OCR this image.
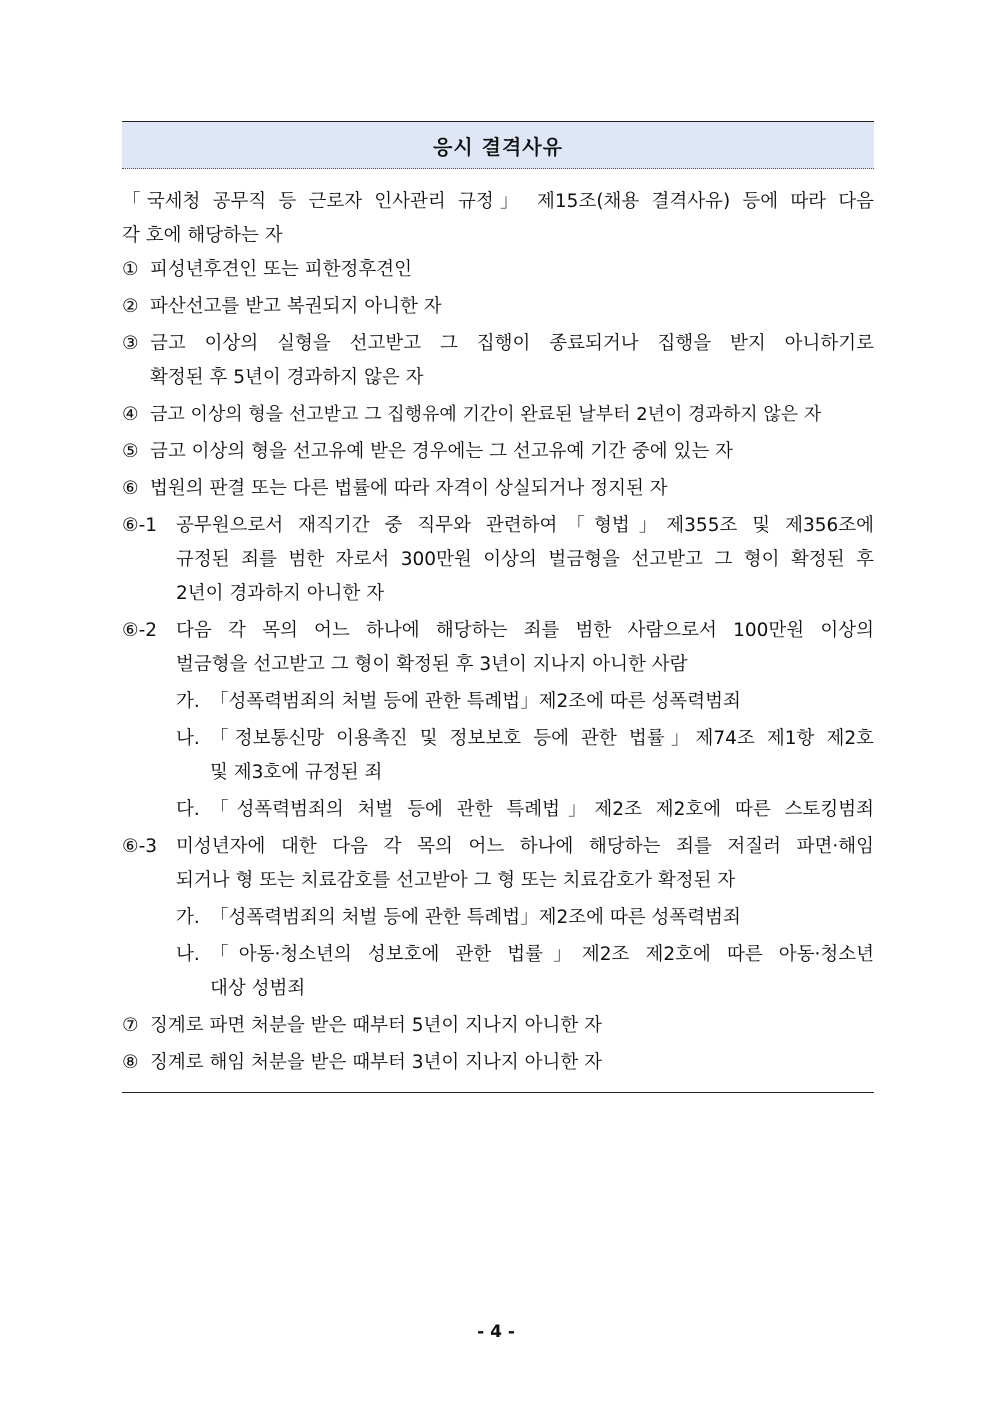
응시 결격사유
「국세청 공무직 등 근로자 인사관리 규정」 제15조(채용 결격사유) 등에 따라 다음
각 호에 해당하는 자
① 피성년후견인 또는 피한정후견인
② 파산선고를 받고 복권되지 아니한 자
③ 금고 이상의 실형을 선고받고 그 집행이 종료되거나 집행을 받지 아니하기로
확정된 후 5년이 경과하지 않은 자
④ 금고 이상의 형을 선고받고 그 집행유예 기간이 완료된 날부터 2년이 경과하지 않은 자
⑤ 금고 이상의 형을 선고유예 받은 경우에는 그 선고유예 기간 중에 있는 자
⑥ 법원의 판결 또는 다른 법률에 따라 자격이 상실되거나 정지된 자
⑥-1	공무원으로서 재직기간 중 직무와 관련하여「형법」제355조 및 제356조에
규정된 죄를 범한 자로서 300만원 이상의 벌금형을 선고받고 그 형이 확정된 후
2년이 경과하지 아니한 자
⑥-2	다음 각 목의 어느 하나에 해당하는 죄를 범한 사람으로서 100만원 이상의
벌금형을 선고받고 그 형이 확정된 후 3년이 지나지 아니한 사람
가. 「성폭력범죄의 처벌 등에 관한 특례법」제2조에 따른 성폭력범죄
나. 「정보통신망 이용촉진 및 정보보호 등에 관한 법률」제74조 제1항 제2호
및 제3호에 규정된 죄
다. 「성폭력범죄의 처벌 등에 관한 특례법」제2조 제2호에 따른 스토킹범죄
⑥-3	미성년자에 대한 다음 각 목의 어느 하나에 해당하는 죄를 저질러 파면·해임
되거나 형 또는 치료감호를 선고받아 그 형 또는 치료감호가 확정된 자
가. 「성폭력범죄의 처벌 등에 관한 특례법」제2조에 따른 성폭력범죄
나. 「아동·청소년의 성보호에 관한 법률」제2조 제2호에 따른 아동·청소년
대상 성범죄
⑦ 징계로 파면 처분을 받은 때부터 5년이 지나지 아니한 자
⑧ 징계로 해임 처분을 받은 때부터 3년이 지나지 아니한 자
- 4 -
